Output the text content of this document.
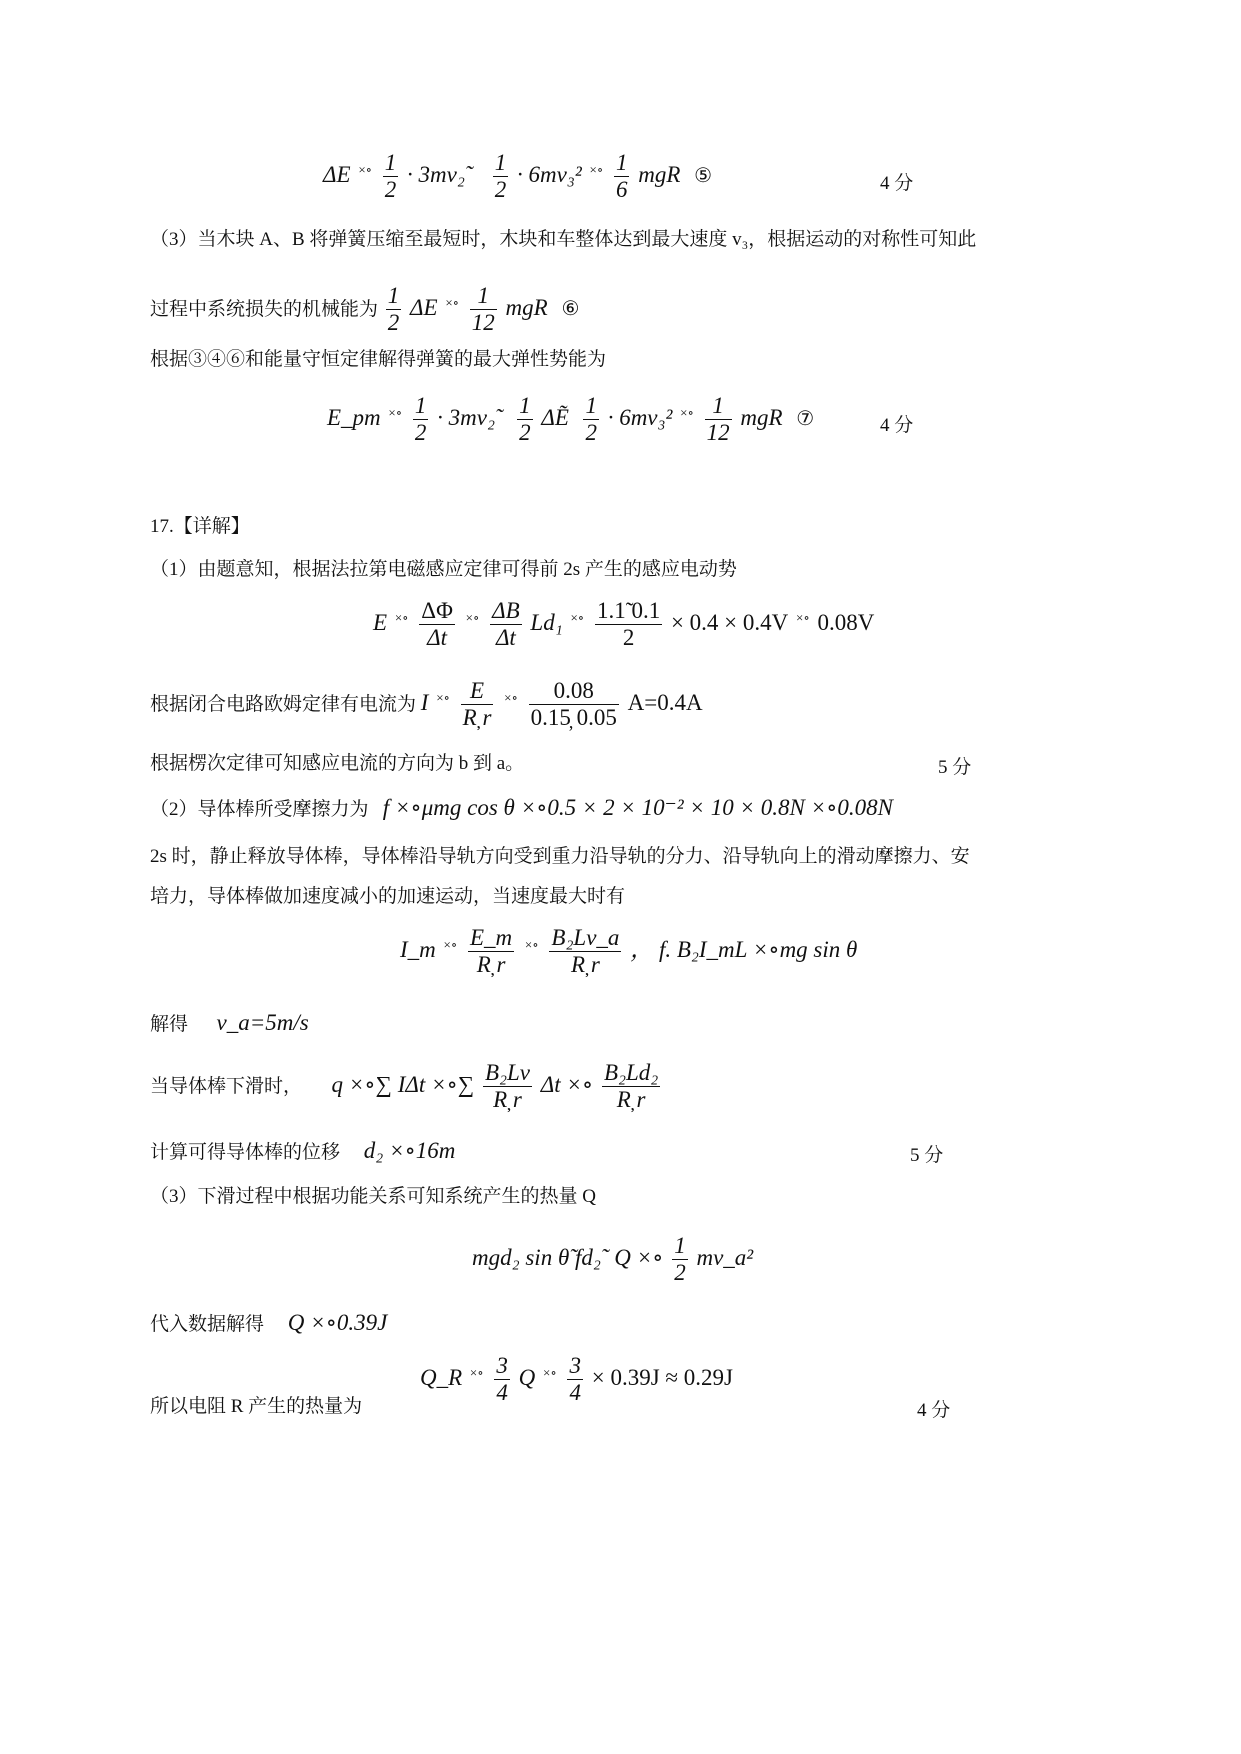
ΔE $^{\times\circ} \frac{1}{2}$ · 3mv₂˜ $\frac{1}{2} \cdot 6mv_3^2$ $^{\times\circ} \frac{1}{6}$ mgR ⑤	4 分
（3）当木块 A、B 将弹簧压缩至最短时，木块和车整体达到最大速度 v₃，根据运动的对称性可知此
过程中系统损失的机械能为 $\frac{1}{2}$ ΔE $^{\times\circ} \frac{1}{12}$ mgR ⑥
根据③④⑥和能量守恒定律解得弹簧的最大弹性势能为
E_pm $^{\times\circ} \frac{1}{2}$ · 3mv₂˜ $\frac{1}{2}$ ΔẼ $\frac{1}{2} \cdot 6mv_3^2$ $^{\times\circ} \frac{1}{12}$ mgR ⑦	4 分
17.【详解】
（1）由题意知，根据法拉第电磁感应定律可得前 2s 产生的感应电动势
E $^{\times\circ} \frac{\Delta\Phi}{\Delta t} ^{\times\circ} \frac{\Delta B}{\Delta t} Ld_1$ $^{\times\circ} \frac{1.1̃ 0.1}{2} \times 0.4 \times 0.4V$ ×∘ 0.08V
根据闭合电路欧姆定律有电流为 I $^{\times\circ} \frac{E}{R̦ r} ^{\times\circ} \frac{0.08}{0.15̦ 0.05} A=0.4A$
根据楞次定律可知感应电流的方向为 b 到 a。	5 分
（2）导体棒所受摩擦力为 f ×∘μmg cos θ ×∘0.5 × 2 × 10⁻² × 10 × 0.8N ×∘0.08N
2s 时，静止释放导体棒，导体棒沿导轨方向受到重力沿导轨的分力、沿导轨向上的滑动摩擦力、安
培力，导体棒做加速度减小的加速运动，当速度最大时有
I_m $^{\times\circ} \frac{E\_m}{R̦ r} ^{\times\circ} \frac{\text{B₂Lv\_a}}{R̦ r}$ ， f. B₂I_mL ×∘mg sin θ
解得 v_a=5m/s
当导体棒下滑时， q ×∘∑ IΔt ×∘∑ $\frac{\text{B₂Lv}}{R̦ r}$ Δt ×∘ $\frac{\text{B₂Ld₂}}{R̦ r}$
计算可得导体棒的位移 d₂ ×∘16m	5 分
（3）下滑过程中根据功能关系可知系统产生的热量 Q
mgd₂ sin θ̃ fd₂˜ Q ×∘ $\frac{1}{2}$ mv_a²
代入数据解得 Q ×∘0.39J
Q_R $^{\times\circ} \frac{3}{4}$ Q $^{\times\circ} \frac{3}{4} \times 0.39J \approx 0.29J$
所以电阻 R 产生的热量为	4 分
